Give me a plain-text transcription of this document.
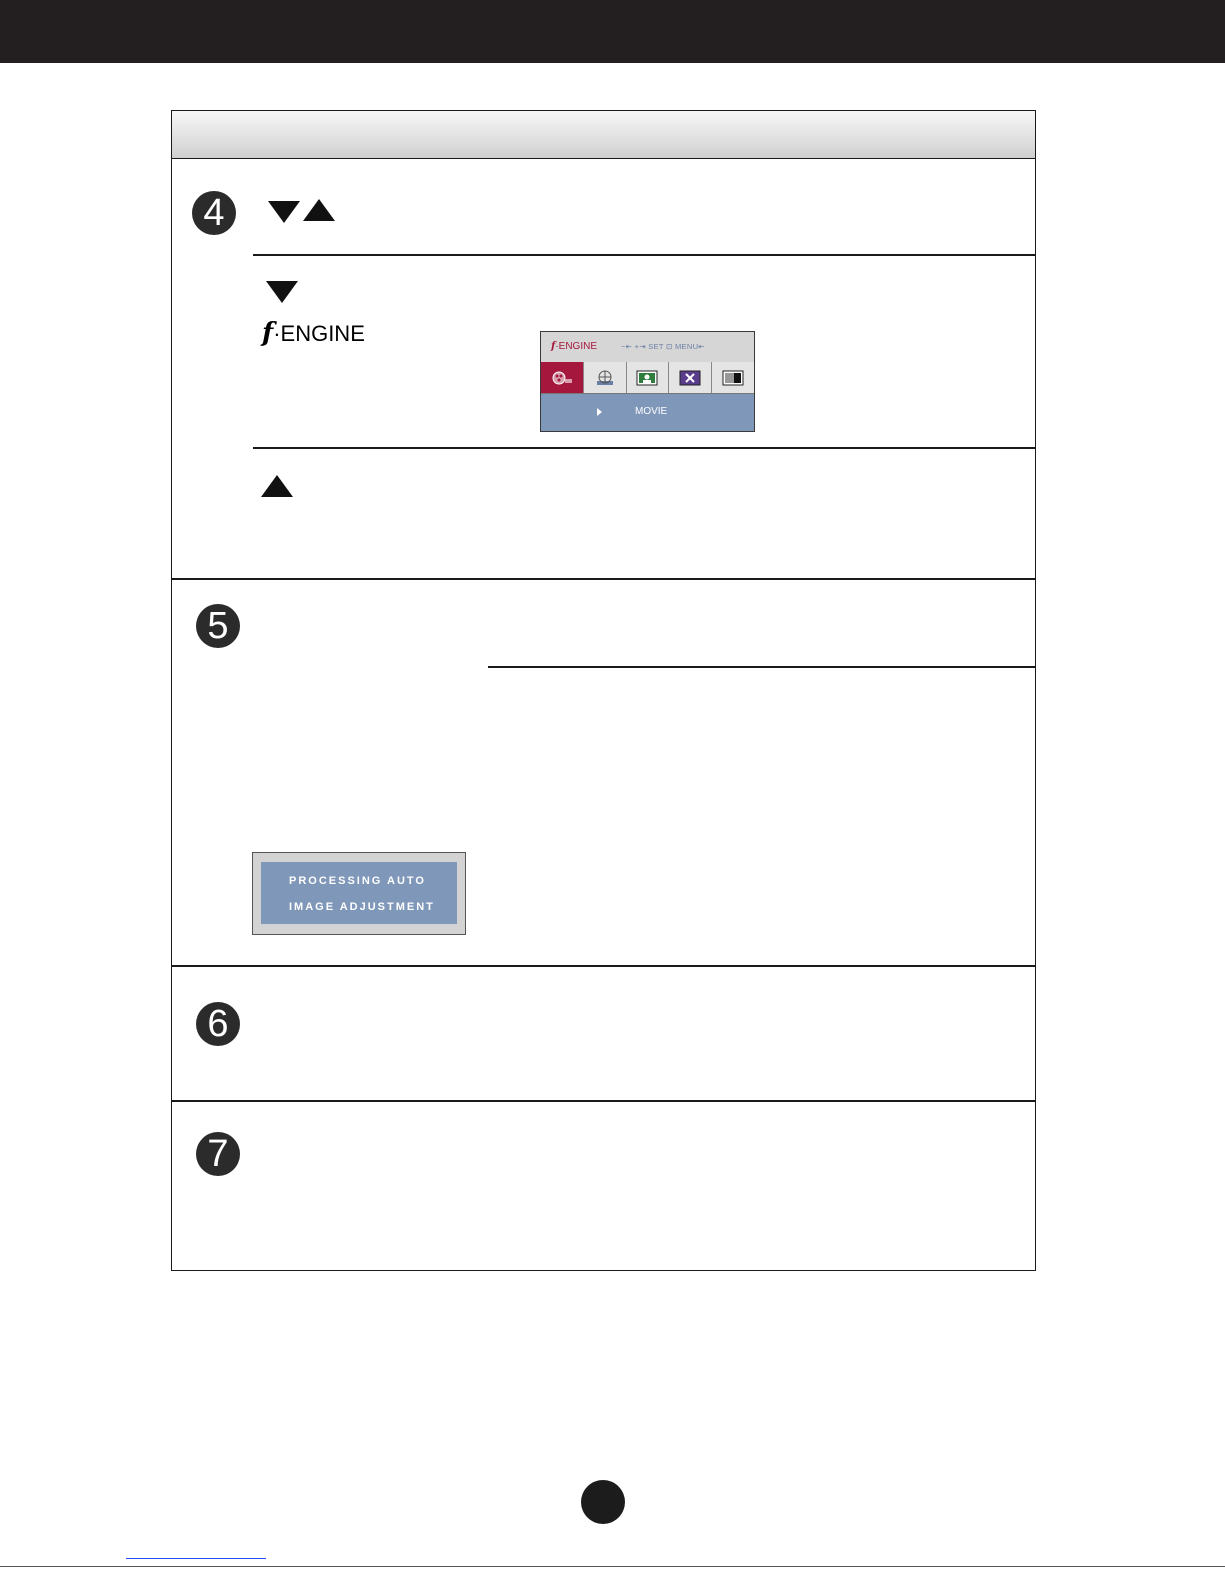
4
5
6
7
f·ENGINE
f·ENGINE	−⇤ +⇥ SET ⊡ MENU⇤
MOVIE
PROCESSING AUTO
IMAGE ADJUSTMENT
